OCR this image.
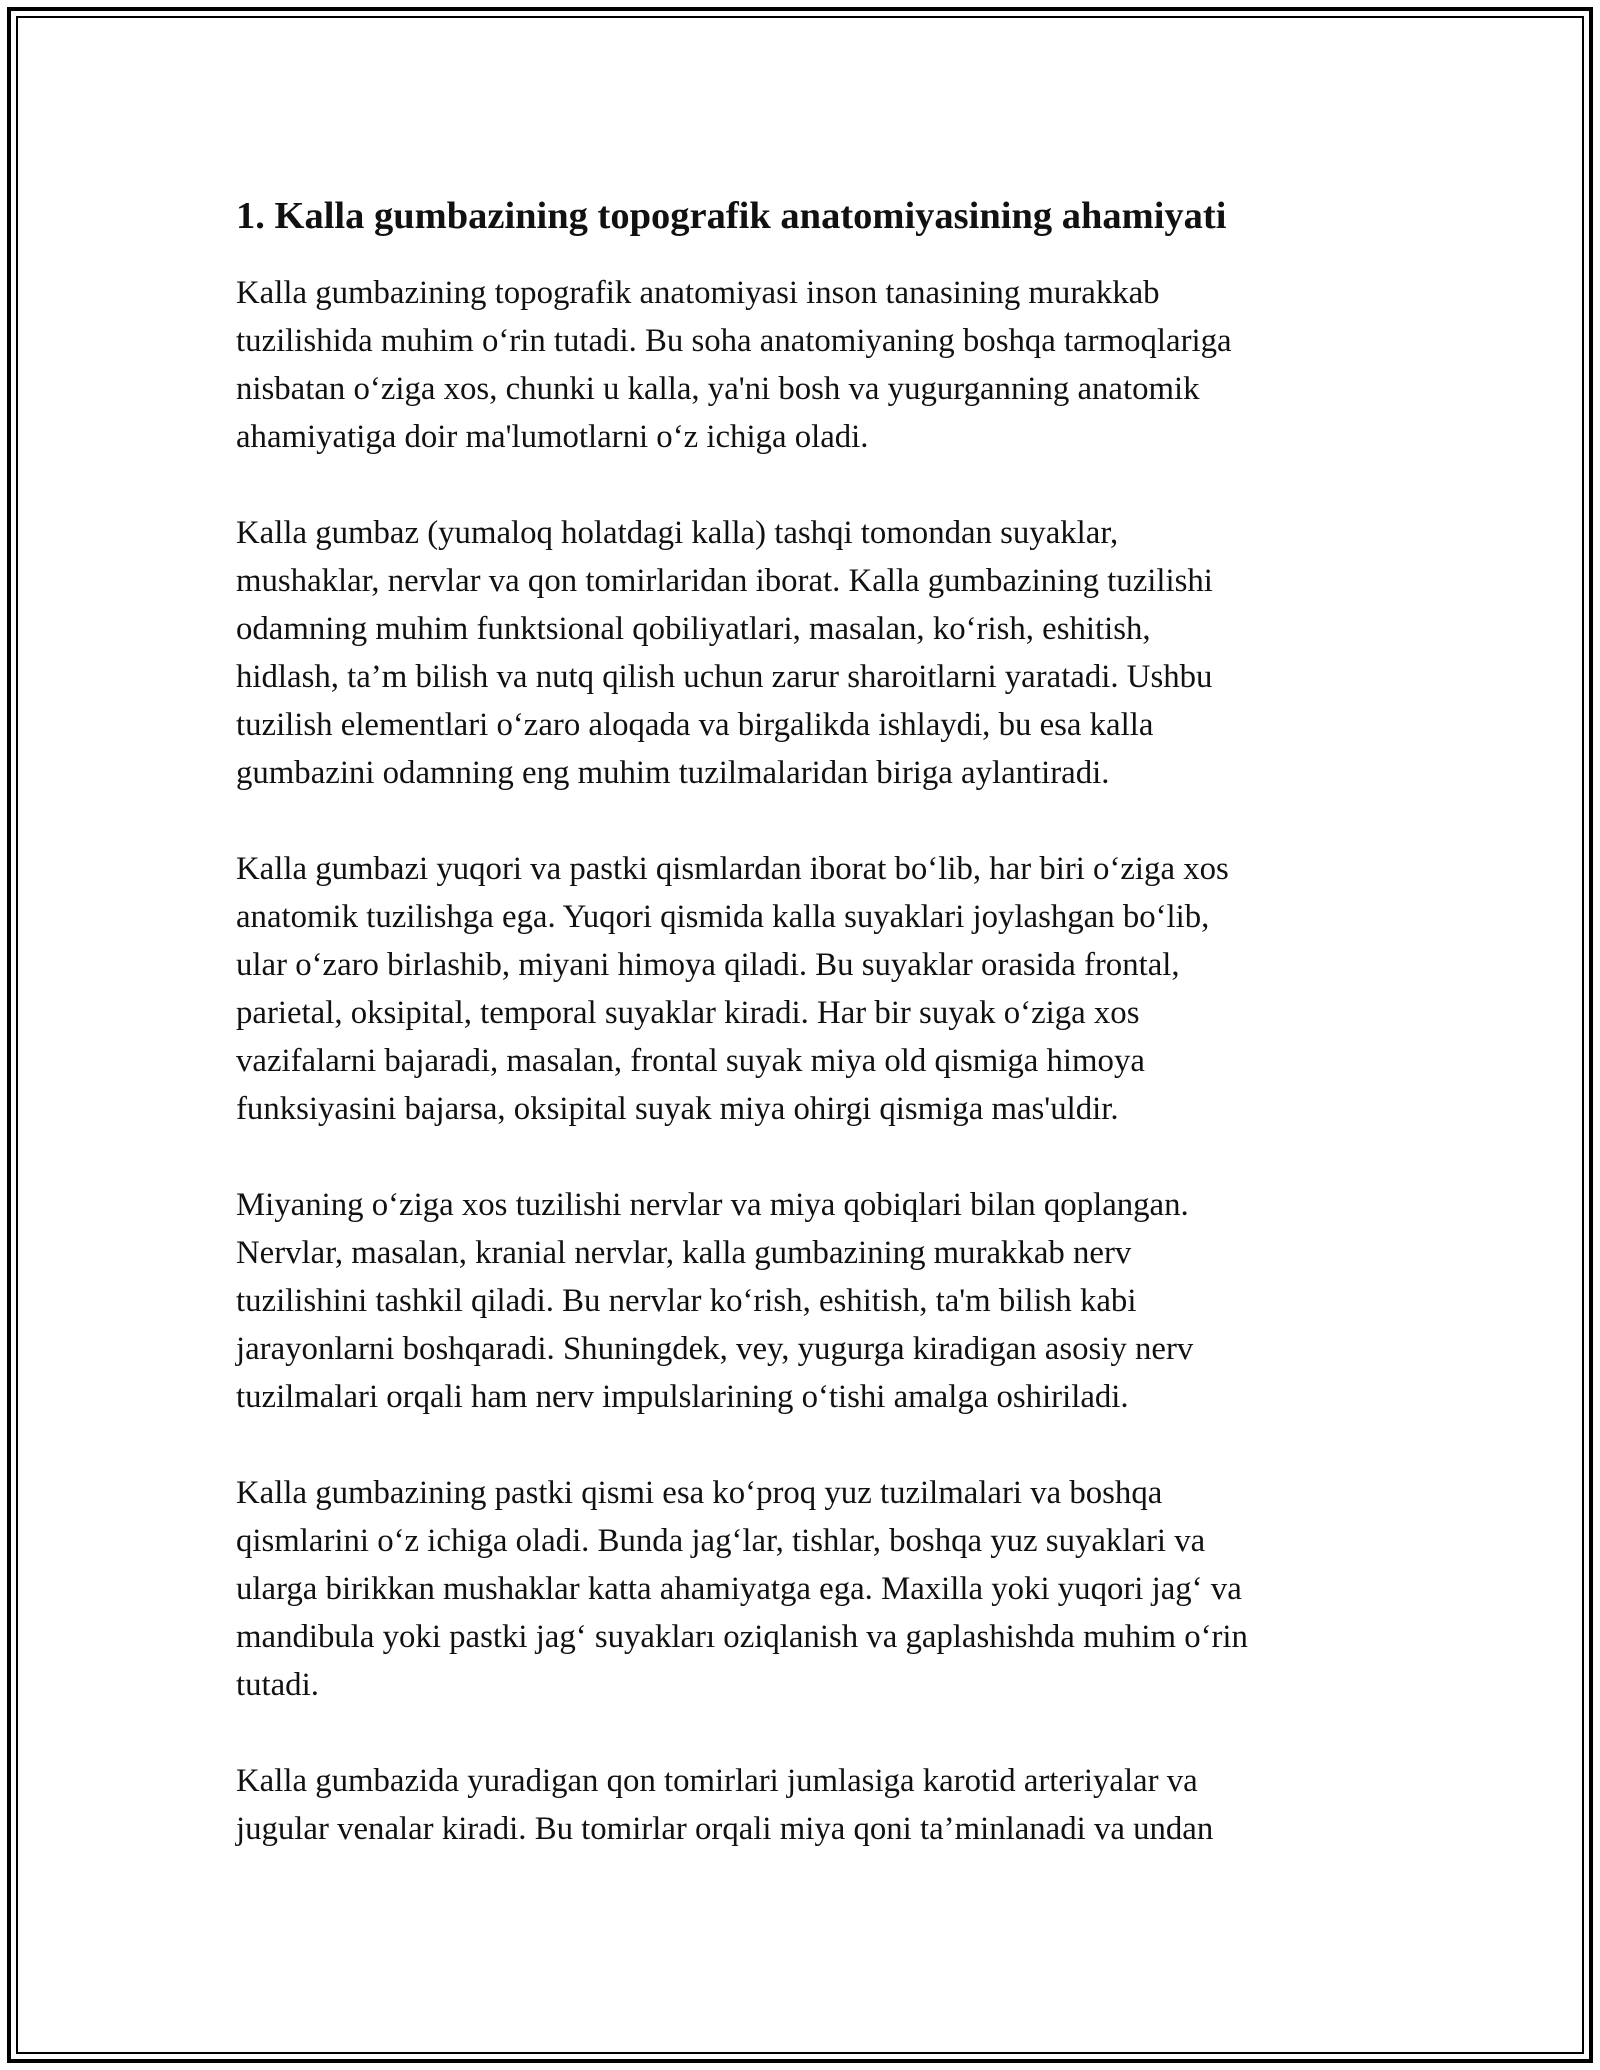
1. Kalla gumbazining topografik anatomiyasining ahamiyati

Kalla gumbazining topografik anatomiyasi inson tanasining murakkab
tuzilishida muhim o‘rin tutadi. Bu soha anatomiyaning boshqa tarmoqlariga
nisbatan o‘ziga xos, chunki u kalla, ya'ni bosh va yugurganning anatomik
ahamiyatiga doir ma'lumotlarni o‘z ichiga oladi.

Kalla gumbaz (yumaloq holatdagi kalla) tashqi tomondan suyaklar,
mushaklar, nervlar va qon tomirlaridan iborat. Kalla gumbazining tuzilishi
odamning muhim funktsional qobiliyatlari, masalan, ko‘rish, eshitish,
hidlash, ta’m bilish va nutq qilish uchun zarur sharoitlarni yaratadi. Ushbu
tuzilish elementlari o‘zaro aloqada va birgalikda ishlaydi, bu esa kalla
gumbazini odamning eng muhim tuzilmalaridan biriga aylantiradi.

Kalla gumbazi yuqori va pastki qismlardan iborat bo‘lib, har biri o‘ziga xos
anatomik tuzilishga ega. Yuqori qismida kalla suyaklari joylashgan bo‘lib,
ular o‘zaro birlashib, miyani himoya qiladi. Bu suyaklar orasida frontal,
parietal, oksipital, temporal suyaklar kiradi. Har bir suyak o‘ziga xos
vazifalarni bajaradi, masalan, frontal suyak miya old qismiga himoya
funksiyasini bajarsa, oksipital suyak miya ohirgi qismiga mas'uldir.

Miyaning o‘ziga xos tuzilishi nervlar va miya qobiqlari bilan qoplangan.
Nervlar, masalan, kranial nervlar, kalla gumbazining murakkab nerv
tuzilishini tashkil qiladi. Bu nervlar ko‘rish, eshitish, ta'm bilish kabi
jarayonlarni boshqaradi. Shuningdek, vey, yugurga kiradigan asosiy nerv
tuzilmalari orqali ham nerv impulslarining o‘tishi amalga oshiriladi.

Kalla gumbazining pastki qismi esa ko‘proq yuz tuzilmalari va boshqa
qismlarini o‘z ichiga oladi. Bunda jag‘lar, tishlar, boshqa yuz suyaklari va
ularga birikkan mushaklar katta ahamiyatga ega. Maxilla yoki yuqori jag‘ va
mandibula yoki pastki jag‘ suyakları oziqlanish va gaplashishda muhim o‘rin
tutadi.

Kalla gumbazida yuradigan qon tomirlari jumlasiga karotid arteriyalar va
jugular venalar kiradi. Bu tomirlar orqali miya qoni ta’minlanadi va undan
